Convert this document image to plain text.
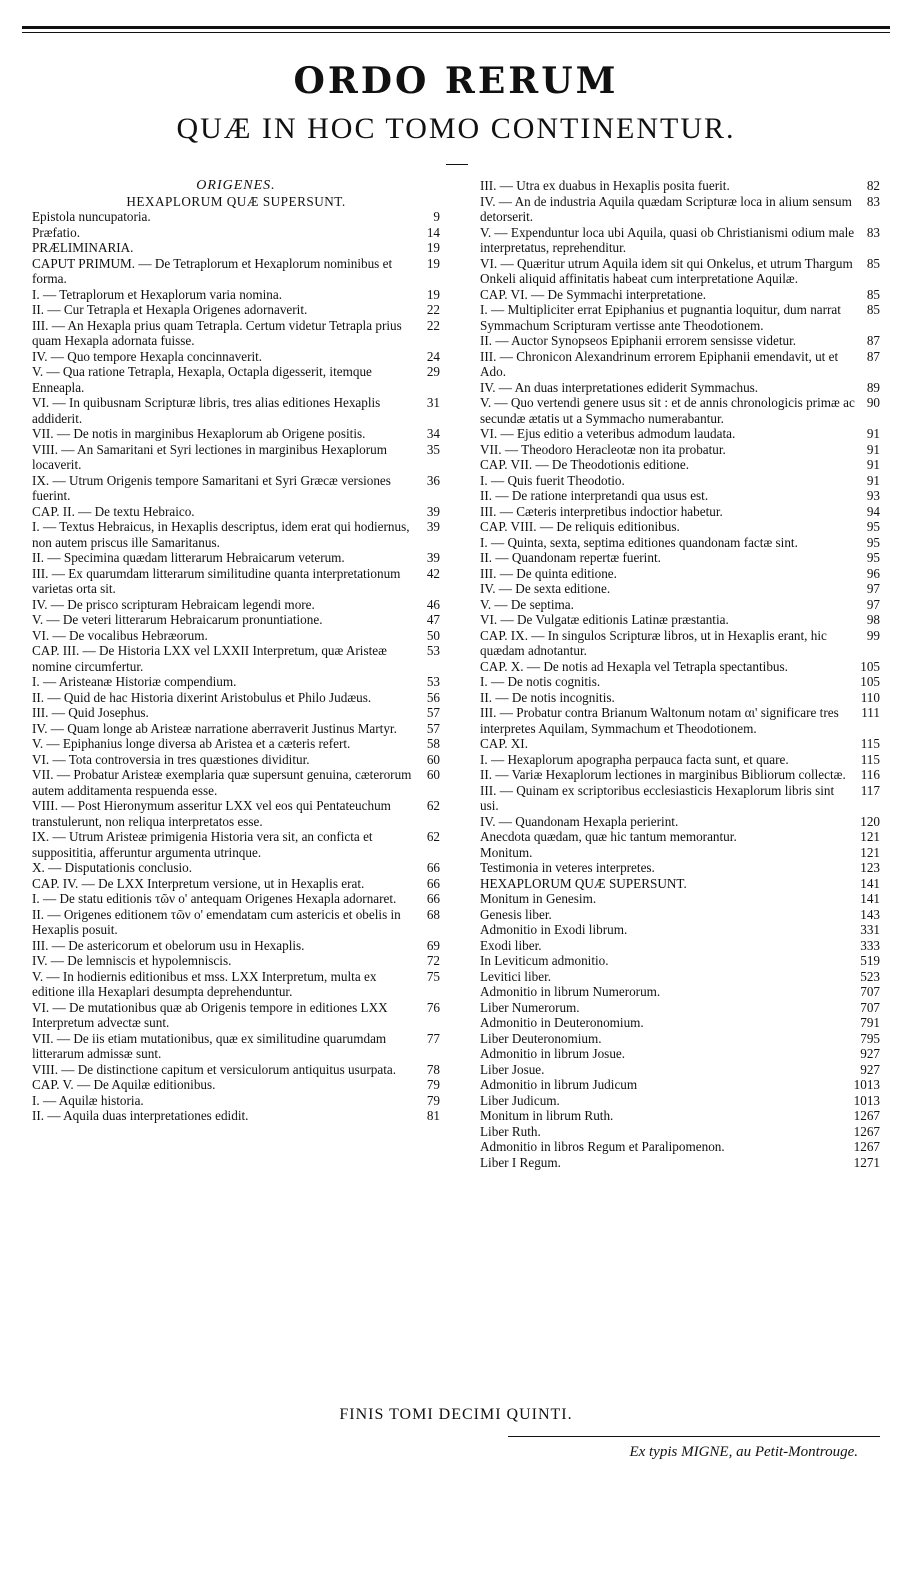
ORDO RERUM
QUÆ IN HOC TOMO CONTINENTUR.

ORIGENES.

HEXAPLORUM QUÆ SUPERSUNT.

9
Epistola nuncupatoria.

14
Præfatio.

19
PRÆLIMINARIA.

19
CAPUT PRIMUM. — De Tetraplorum et Hexaplorum nominibus et forma.

19
I. — Tetraplorum et Hexaplorum varia nomina.

22
II. — Cur Tetrapla et Hexapla Origenes adornaverit.

22
III. — An Hexapla prius quam Tetrapla. Certum videtur Tetrapla prius quam Hexapla adornata fuisse.

24
IV. — Quo tempore Hexapla concinnaverit.

29
V. — Qua ratione Tetrapla, Hexapla, Octapla digesserit, itemque Enneapla.

31
VI. — In quibusnam Scripturæ libris, tres alias editiones Hexaplis addiderit.

34
VII. — De notis in marginibus Hexaplorum ab Origene positis.

35
VIII. — An Samaritani et Syri lectiones in marginibus Hexaplorum locaverit.

36
IX. — Utrum Origenis tempore Samaritani et Syri Græcæ versiones fuerint.

39
CAP. II. — De textu Hebraico.

39
I. — Textus Hebraicus, in Hexaplis descriptus, idem erat qui hodiernus, non autem priscus ille Samaritanus.

39
II. — Specimina quædam litterarum Hebraicarum veterum.

42
III. — Ex quarumdam litterarum similitudine quanta interpretationum varietas orta sit.

46
IV. — De prisco scripturam Hebraicam legendi more.

47
V. — De veteri litterarum Hebraicarum pronuntiatione.

50
VI. — De vocalibus Hebræorum.

53
CAP. III. — De Historia LXX vel LXXII Interpretum, quæ Aristeæ nomine circumfertur.

53
I. — Aristeanæ Historiæ compendium.

56
II. — Quid de hac Historia dixerint Aristobulus et Philo Judæus.

57
III. — Quid Josephus.

57
IV. — Quam longe ab Aristeæ narratione aberraverit Justinus Martyr.

58
V. — Epiphanius longe diversa ab Aristea et a cæteris refert.

60
VI. — Tota controversia in tres quæstiones dividitur.

60
VII. — Probatur Aristeæ exemplaria quæ supersunt genuina, cæterorum autem additamenta respuenda esse.

62
VIII. — Post Hieronymum asseritur LXX vel eos qui Pentateuchum transtulerunt, non reliqua interpretatos esse.

62
IX. — Utrum Aristeæ primigenia Historia vera sit, an conficta et supposititia, afferuntur argumenta utrinque.

66
X. — Disputationis conclusio.

66
CAP. IV. — De LXX Interpretum versione, ut in Hexaplis erat.

66
I. — De statu editionis τῶν ο' antequam Origenes Hexapla adornaret.

68
II. — Origenes editionem τῶν ο' emendatam cum astericis et obelis in Hexaplis posuit.

69
III. — De astericorum et obelorum usu in Hexaplis.

72
IV. — De lemniscis et hypolemniscis.

75
V. — In hodiernis editionibus et mss. LXX Interpretum, multa ex editione illa Hexaplari desumpta deprehenduntur.

76
VI. — De mutationibus quæ ab Origenis tempore in editiones LXX Interpretum advectæ sunt.

77
VII. — De iis etiam mutationibus, quæ ex similitudine quarumdam litterarum admissæ sunt.

78
VIII. — De distinctione capitum et versiculorum antiquitus usurpata.

79
CAP. V. — De Aquilæ editionibus.

79
I. — Aquilæ historia.

81
II. — Aquila duas interpretationes edidit.

82
III. — Utra ex duabus in Hexaplis posita fuerit.

83
IV. — An de industria Aquila quædam Scripturæ loca in alium sensum detorserit.

83
V. — Expenduntur loca ubi Aquila, quasi ob Christianismi odium male interpretatus, reprehenditur.

85
VI. — Quæritur utrum Aquila idem sit qui Onkelus, et utrum Thargum Onkeli aliquid affinitatis habeat cum interpretatione Aquilæ.

85
CAP. VI. — De Symmachi interpretatione.

85
I. — Multipliciter errat Epiphanius et pugnantia loquitur, dum narrat Symmachum Scripturam vertisse ante Theodotionem.

87
II. — Auctor Synopseos Epiphanii errorem sensisse videtur.

87
III. — Chronicon Alexandrinum errorem Epiphanii emendavit, ut et Ado.

89
IV. — An duas interpretationes ediderit Symmachus.

90
V. — Quo vertendi genere usus sit : et de annis chronologicis primæ ac secundæ ætatis ut a Symmacho numerabantur.

91
VI. — Ejus editio a veteribus admodum laudata.

91
VII. — Theodoro Heracleotæ non ita probatur.

91
CAP. VII. — De Theodotionis editione.

91
I. — Quis fuerit Theodotio.

93
II. — De ratione interpretandi qua usus est.

94
III. — Cæteris interpretibus indoctior habetur.

95
CAP. VIII. — De reliquis editionibus.

95
I. — Quinta, sexta, septima editiones quandonam factæ sint.

95
II. — Quandonam repertæ fuerint.

96
III. — De quinta editione.

97
IV. — De sexta editione.

97
V. — De septima.

98
VI. — De Vulgatæ editionis Latinæ præstantia.

99
CAP. IX. — In singulos Scripturæ libros, ut in Hexaplis erant, hic quædam adnotantur.

105
CAP. X. — De notis ad Hexapla vel Tetrapla spectantibus.

105
I. — De notis cognitis.

110
II. — De notis incognitis.

111
III. — Probatur contra Brianum Waltonum notam αι' significare tres interpretes Aquilam, Symmachum et Theodotionem.

115
CAP. XI.

115
I. — Hexaplorum apographa perpauca facta sunt, et quare.

116
II. — Variæ Hexaplorum lectiones in marginibus Bibliorum collectæ.

117
III. — Quinam ex scriptoribus ecclesiasticis Hexaplorum libris sint usi.

120
IV. — Quandonam Hexapla perierint.

121
Anecdota quædam, quæ hic tantum memorantur.

121
Monitum.

123
Testimonia in veteres interpretes.

141
HEXAPLORUM QUÆ SUPERSUNT.

141
Monitum in Genesim.

143
Genesis liber.

331
Admonitio in Exodi librum.

333
Exodi liber.

519
In Leviticum admonitio.

523
Levitici liber.

707
Admonitio in librum Numerorum.

707
Liber Numerorum.

791
Admonitio in Deuteronomium.

795
Liber Deuteronomium.

927
Admonitio in librum Josue.

927
Liber Josue.

1013
Admonitio in librum Judicum

1013
Liber Judicum.

1267
Monitum in librum Ruth.

1267
Liber Ruth.

1267
Admonitio in libros Regum et Paralipomenon.

1271
Liber I Regum.

FINIS TOMI DECIMI QUINTI.
Ex typis MIGNE, au Petit-Montrouge.
